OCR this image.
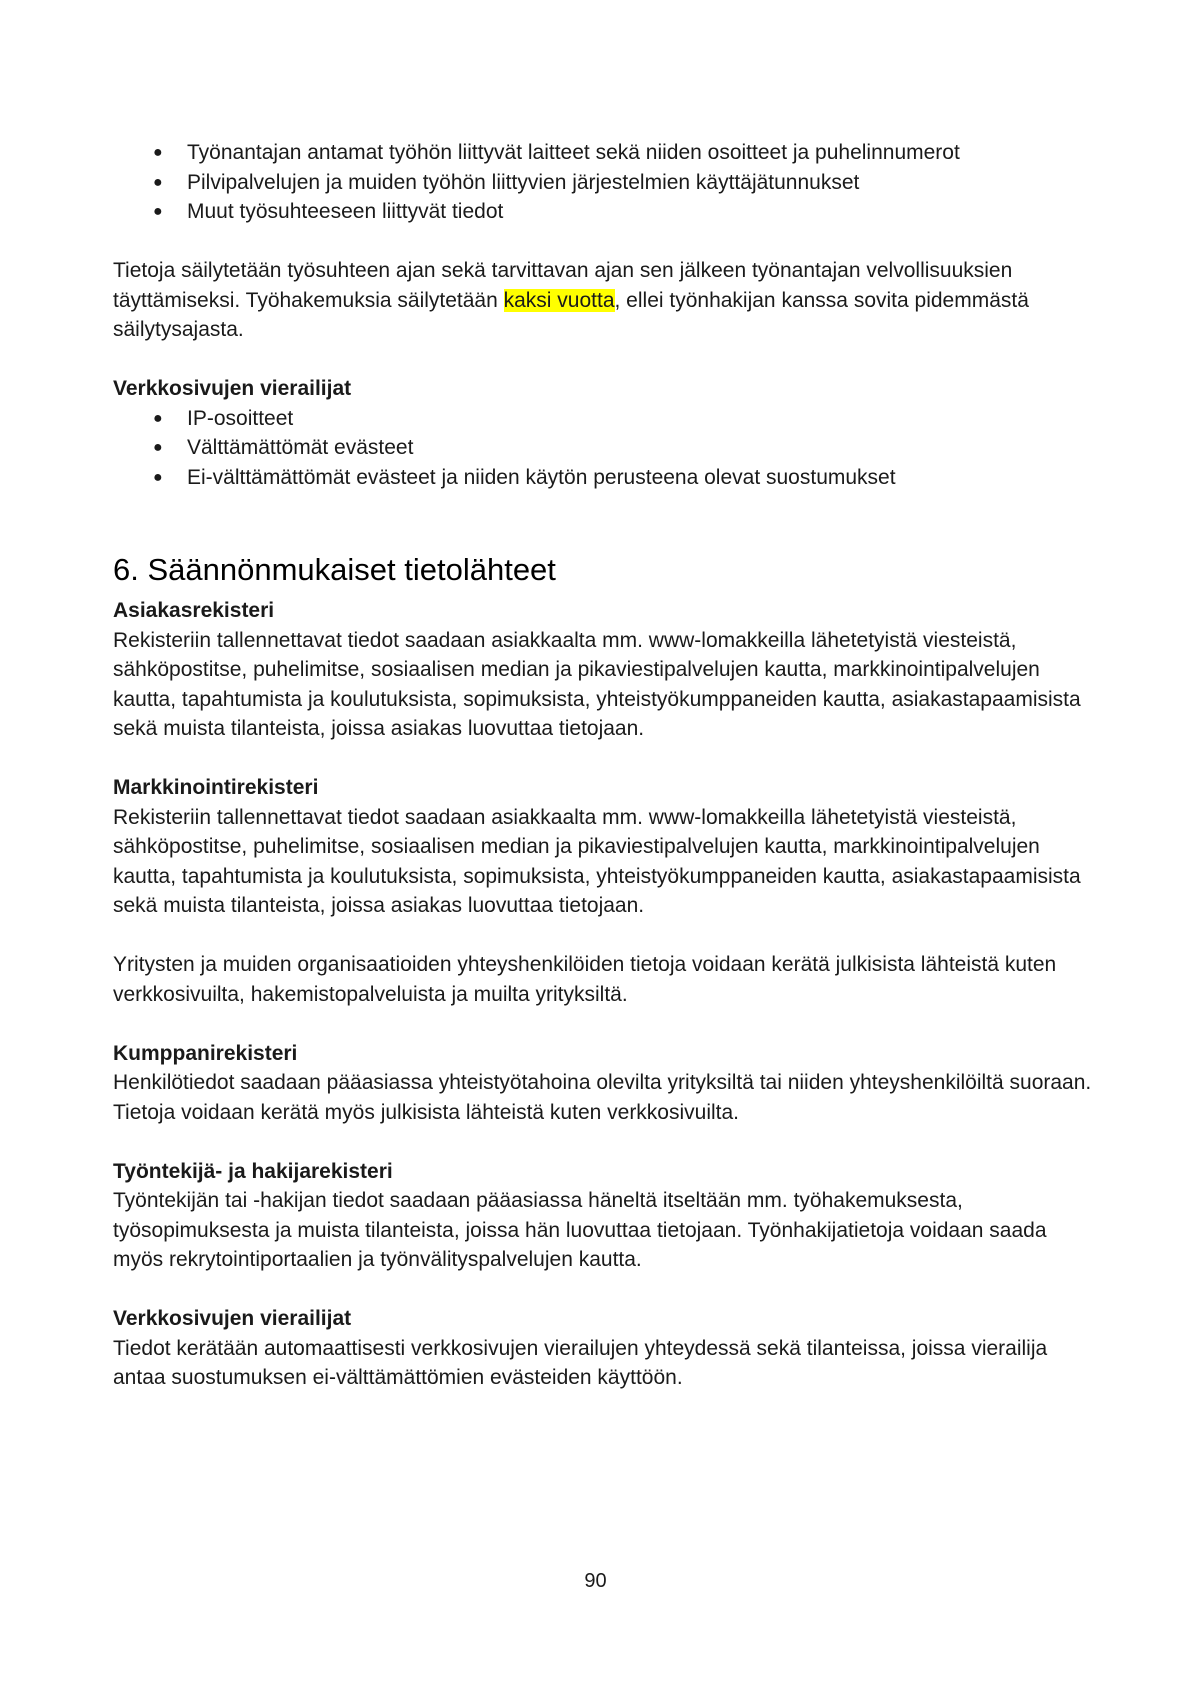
● Työnantajan antamat työhön liittyvät laitteet sekä niiden osoitteet ja puhelinnumerot
● Pilvipalvelujen ja muiden työhön liittyvien järjestelmien käyttäjätunnukset
● Muut työsuhteeseen liittyvät tiedot

Tietoja säilytetään työsuhteen ajan sekä tarvittavan ajan sen jälkeen työnantajan velvollisuuksien täyttämiseksi. Työhakemuksia säilytetään kaksi vuotta, ellei työnhakijan kanssa sovita pidemmästä säilytysajasta.

Verkkosivujen vierailijat

● IP-osoitteet
● Välttämättömät evästeet
● Ei-välttämättömät evästeet ja niiden käytön perusteena olevat suostumukset
6. Säännönmukaiset tietolähteet

Asiakasrekisteri

Rekisteriin tallennettavat tiedot saadaan asiakkaalta mm. www-lomakkeilla lähetetyistä viesteistä, sähköpostitse, puhelimitse, sosiaalisen median ja pikaviestipalvelujen kautta, markkinointipalvelujen kautta, tapahtumista ja koulutuksista, sopimuksista, yhteistyökumppaneiden kautta, asiakastapaamisista sekä muista tilanteista, joissa asiakas luovuttaa tietojaan.

Markkinointirekisteri

Rekisteriin tallennettavat tiedot saadaan asiakkaalta mm. www-lomakkeilla lähetetyistä viesteistä, sähköpostitse, puhelimitse, sosiaalisen median ja pikaviestipalvelujen kautta, markkinointipalvelujen kautta, tapahtumista ja koulutuksista, sopimuksista, yhteistyökumppaneiden kautta, asiakastapaamisista sekä muista tilanteista, joissa asiakas luovuttaa tietojaan.

Yritysten ja muiden organisaatioiden yhteyshenkilöiden tietoja voidaan kerätä julkisista lähteistä kuten verkkosivuilta, hakemistopalveluista ja muilta yrityksiltä.

Kumppanirekisteri

Henkilötiedot saadaan pääasiassa yhteistyötahoina olevilta yrityksiltä tai niiden yhteyshenkilöiltä suoraan. Tietoja voidaan kerätä myös julkisista lähteistä kuten verkkosivuilta.

Työntekijä- ja hakijarekisteri

Työntekijän tai -hakijan tiedot saadaan pääasiassa häneltä itseltään mm. työhakemuksesta, työsopimuksesta ja muista tilanteista, joissa hän luovuttaa tietojaan. Työnhakijatietoja voidaan saada myös rekrytointiportaalien ja työnvälityspalvelujen kautta.

Verkkosivujen vierailijat

Tiedot kerätään automaattisesti verkkosivujen vierailujen yhteydessä sekä tilanteissa, joissa vierailija antaa suostumuksen ei-välttämättömien evästeiden käyttöön.

90
